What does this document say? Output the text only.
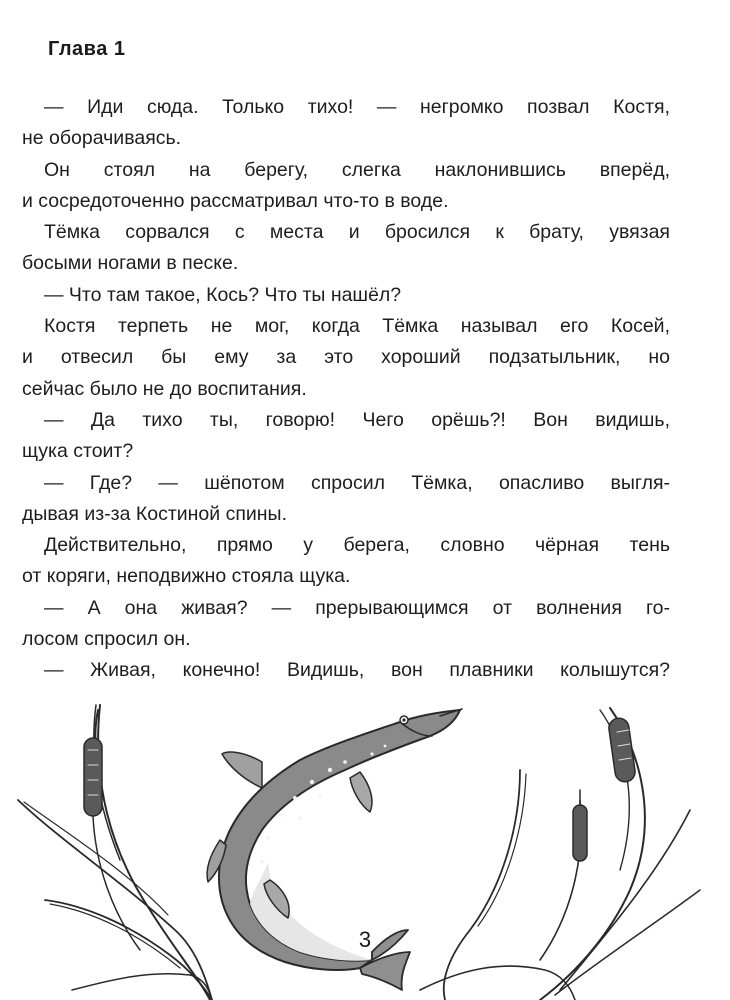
Глава 1
— Иди сюда. Только тихо! — негромко позвал Костя,
не оборачиваясь.
Он стоял на берегу, слегка наклонившись вперёд,
и сосредоточенно рассматривал что-то в воде.
Тёмка сорвался с места и бросился к брату, увязая
босыми ногами в песке.
— Что там такое, Кось? Что ты нашёл?
Костя терпеть не мог, когда Тёмка называл его Косей,
и отвесил бы ему за это хороший подзатыльник, но
сейчас было не до воспитания.
— Да тихо ты, говорю! Чего орёшь?! Вон видишь,
щука стоит?
— Где? — шёпотом спросил Тёмка, опасливо выгля-
дывая из-за Костиной спины.
Действительно, прямо у берега, словно чёрная тень
от коряги, неподвижно стояла щука.
— А она живая? — прерывающимся от волнения го-
лосом спросил он.
— Живая, конечно! Видишь, вон плавники колышутся?
3
